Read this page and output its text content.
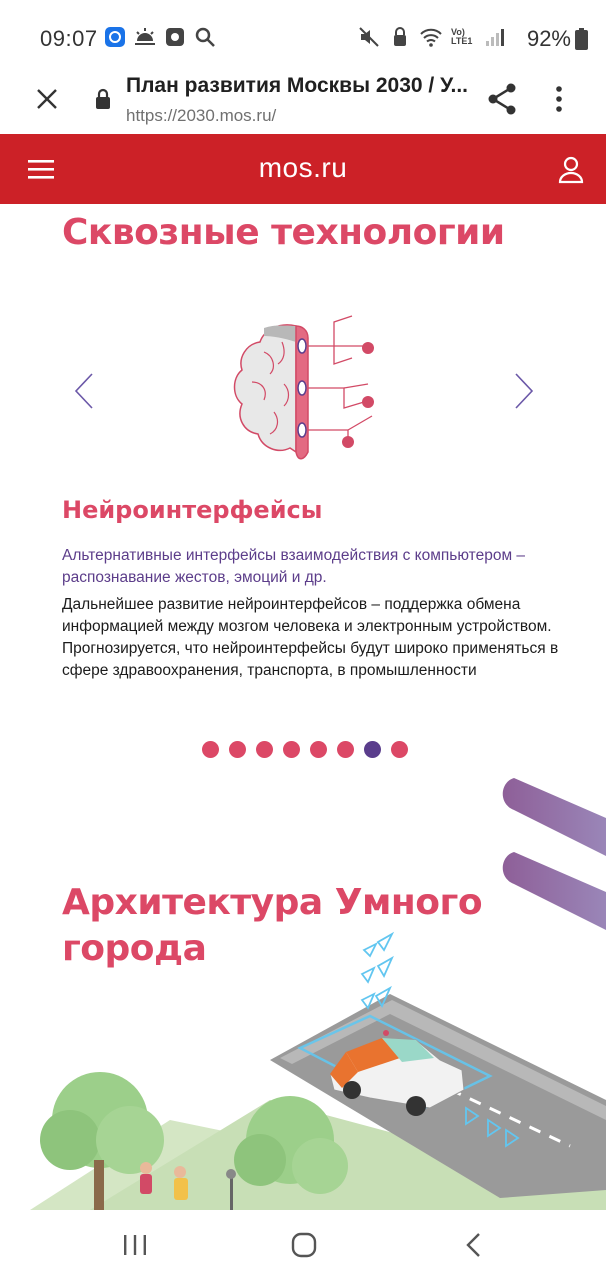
09:07	Vo) LTE1 92%
План развития Москвы 2030 / У...
https://2030.mos.ru/
mos.ru
Сквозные технологии
Нейроинтерфейсы
Альтернативные интерфейсы взаимодействия с компьютером – распознавание жестов, эмоций и др.
Дальнейшее развитие нейроинтерфейсов – поддержка обмена информацией между мозгом человека и электронным устройством. Прогнозируется, что нейроинтерфейсы будут широко применяться в сфере здравоохранения, транспорта, в промышленности
Архитектура Умного города
